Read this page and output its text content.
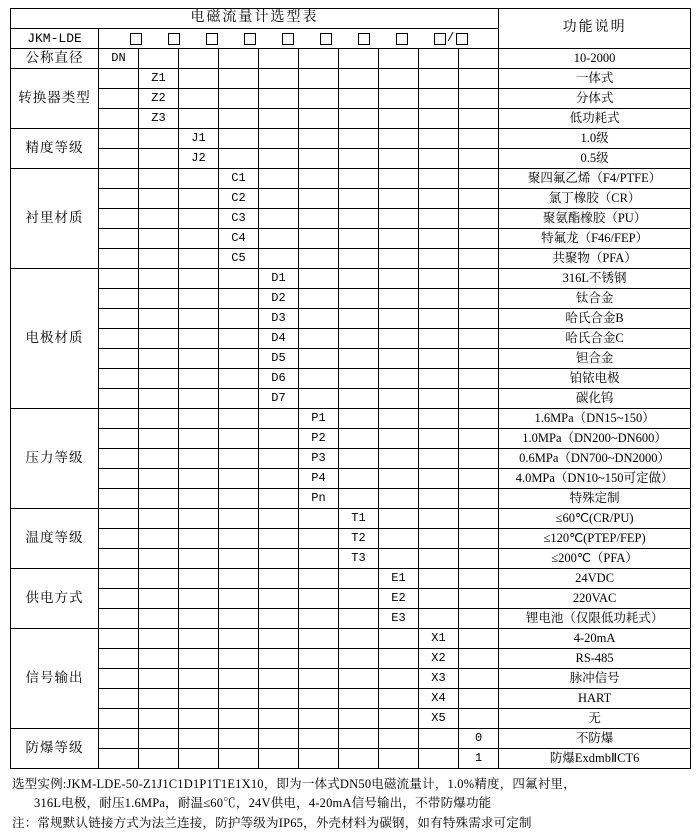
电磁流量计选型表											功能说明
JKM-LDE	/										

公称直径	DN										10-2000
转换器类型		Z1									一体式
		Z2									分体式
		Z3									低功耗式
精度等级			J1								1.0级
			J2								0.5级
衬里材质				C1							聚四氟乙烯（F4/PTFE）
				C2							氯丁橡胶（CR）
				C3							聚氨酯橡胶（PU）
				C4							特氟龙（F46/FEP）
				C5							共聚物（PFA）
电极材质					D1						316L不锈钢
					D2						钛合金
					D3						哈氏合金B
					D4						哈氏合金C
					D5						钽合金
					D6						铂铱电极
					D7						碳化钨
压力等级						P1					1.6MPa（DN15~150）
						P2					1.0MPa（DN200~DN600）
						P3					0.6MPa（DN700~DN2000）
						P4					4.0MPa（DN10~150可定做）
						Pn					特殊定制
温度等级							T1				≤60℃(CR/PU)
							T2				≤120℃(PTEP/FEP)
							T3				≤200℃（PFA）
供电方式								E1			24VDC
								E2			220VAC
								E3			锂电池（仅限低功耗式）
信号输出									X1		4-20mA
									X2		RS-485
									X3		脉冲信号
									X4		HART
									X5		无
防爆等级										0	不防爆
										1	防爆ExdmbⅡCT6
选型实例:JKM-LDE-50-Z1J1C1D1P1T1E1X10，即为一体式DN50电磁流量计，1.0%精度，四氟衬里，
316L电极，耐压1.6MPa，耐温≤60℃，24V供电，4-20mA信号输出，不带防爆功能
注：常规默认链接方式为法兰连接，防护等级为IP65，外壳材料为碳钢，如有特殊需求可定制
